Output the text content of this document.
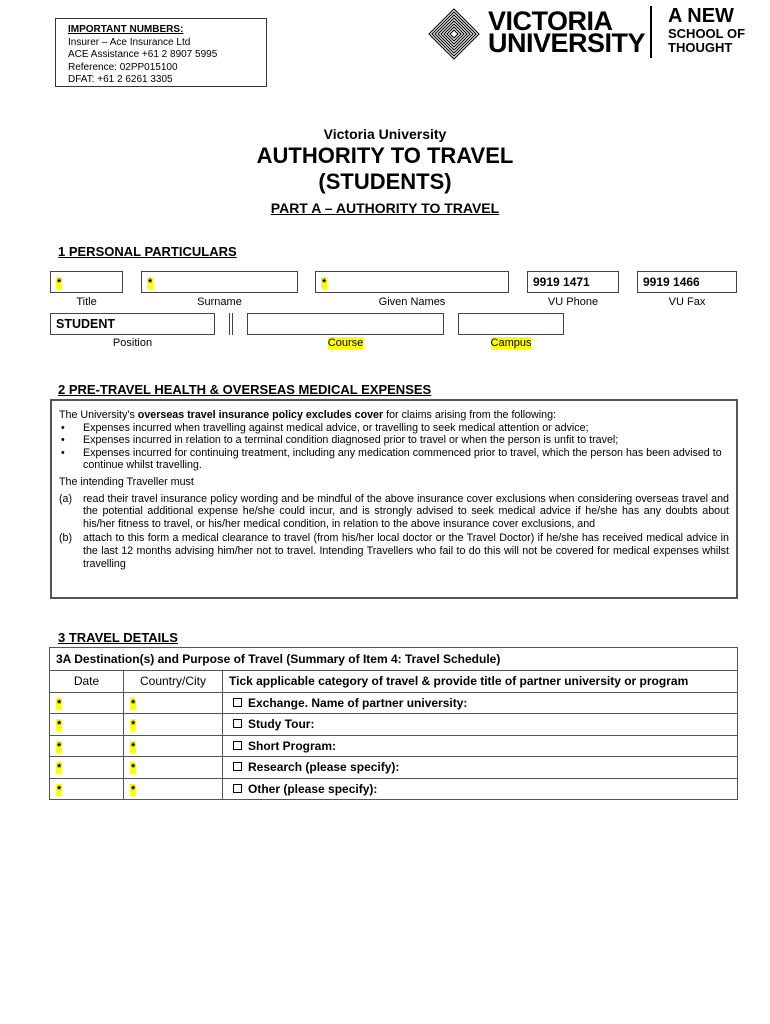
IMPORTANT NUMBERS:
Insurer – Ace Insurance Ltd
ACE Assistance +61 2 8907 5995
Reference: 02PP015100
DFAT: +61 2 6261 3305
VICTORIA
UNIVERSITY
A NEW
SCHOOL OF
THOUGHT
Victoria University
AUTHORITY TO TRAVEL
(STUDENTS)
PART A – AUTHORITY TO TRAVEL
1 PERSONAL PARTICULARS
*	*	*	9919 1471	9919 1466
Title	Surname	Given Names	VU Phone	VU Fax
STUDENT
Position	Course	Campus
2 PRE-TRAVEL HEALTH & OVERSEAS MEDICAL EXPENSES

The University’s overseas travel insurance policy excludes cover for claims arising from the following:

• Expenses incurred when travelling against medical advice, or travelling to seek medical attention or advice;
• Expenses incurred in relation to a terminal condition diagnosed prior to travel or when the person is unfit to travel;
• Expenses incurred for continuing treatment, including any medication commenced prior to travel, which the person has been advised to continue whilst travelling.

The intending Traveller must

(a) read their travel insurance policy wording and be mindful of the above insurance cover exclusions when considering overseas travel and the potential additional expense he/she could incur, and is strongly advised to seek medical advice if he/she has any doubts about his/her fitness to travel, or his/her medical condition, in relation to the above insurance cover exclusions, and
(b) attach to this form a medical clearance to travel (from his/her local doctor or the Travel Doctor) if he/she has received medical advice in the last 12 months advising him/her not to travel. Intending Travellers who fail to do this will not be covered for medical expenses whilst travelling
3 TRAVEL DETAILS
3A Destination(s) and Purpose of Travel (Summary of Item 4: Travel Schedule)		
Date	Country/City	Tick applicable category of travel & provide title of partner university or program
*	*	Exchange. Name of partner university:
*	*	Study Tour:
*	*	Short Program:
*	*	Research (please specify):
*	*	Other (please specify):
